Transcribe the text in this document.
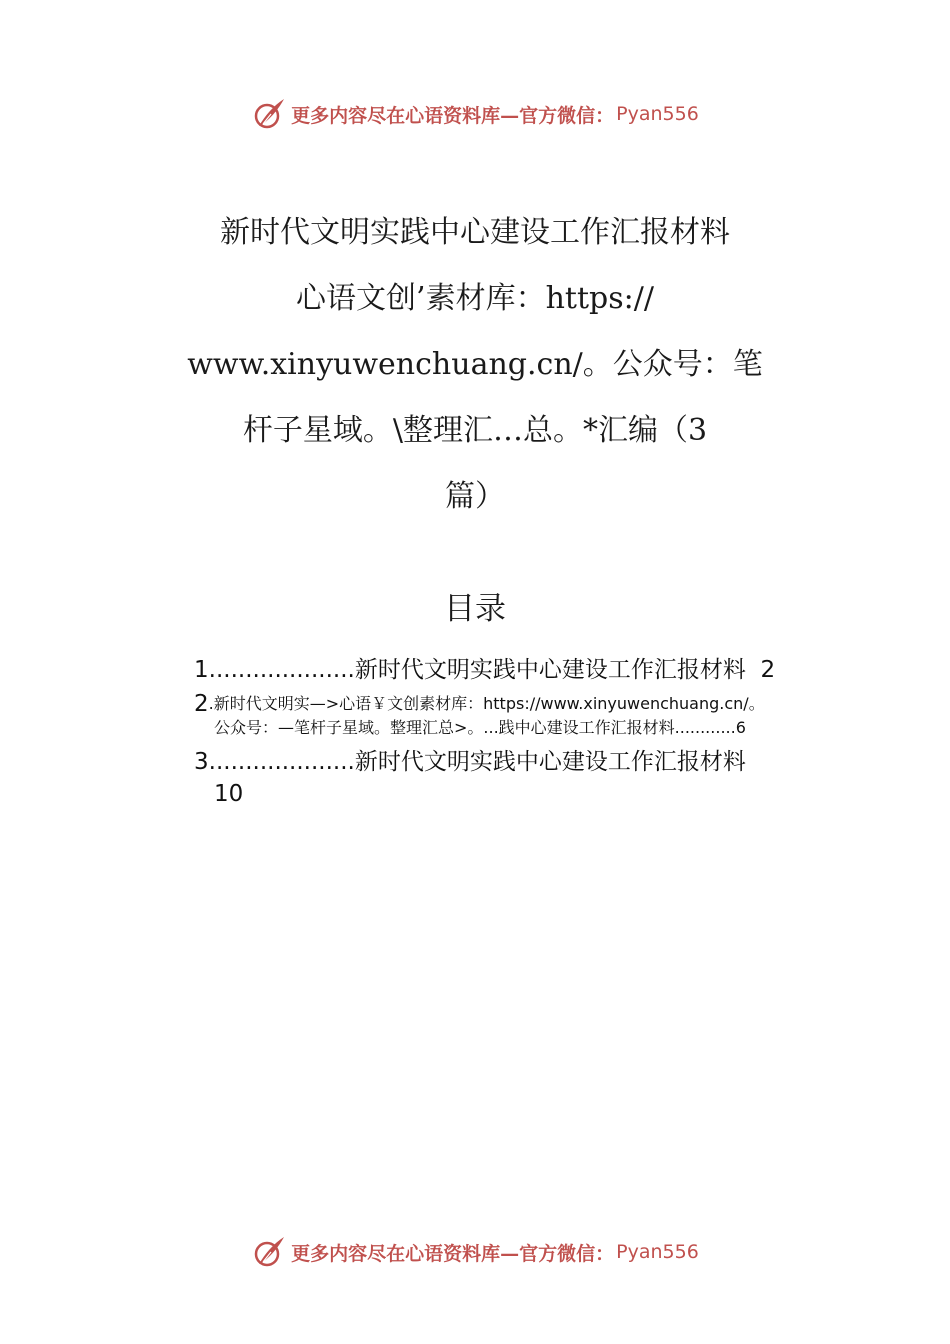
更多内容尽在心语资料库—官方微信： Pyan556
新时代文明实践中心建设工作汇报材料
心语文创’素材库：https://
www.xinyuwenchuang.cn/。公众号：笔
杆子星域。\整理汇…总。*汇编（3
篇）
目录
1....................新时代文明实践中心建设工作汇报材料 2
2.新时代文明实—>心语￥文创素材库：https://www.xinyuwenchuang.cn/。
公众号：—笔杆子星域。整理汇总>。...践中心建设工作汇报材料............6
3....................新时代文明实践中心建设工作汇报材料
10
更多内容尽在心语资料库—官方微信： Pyan556
